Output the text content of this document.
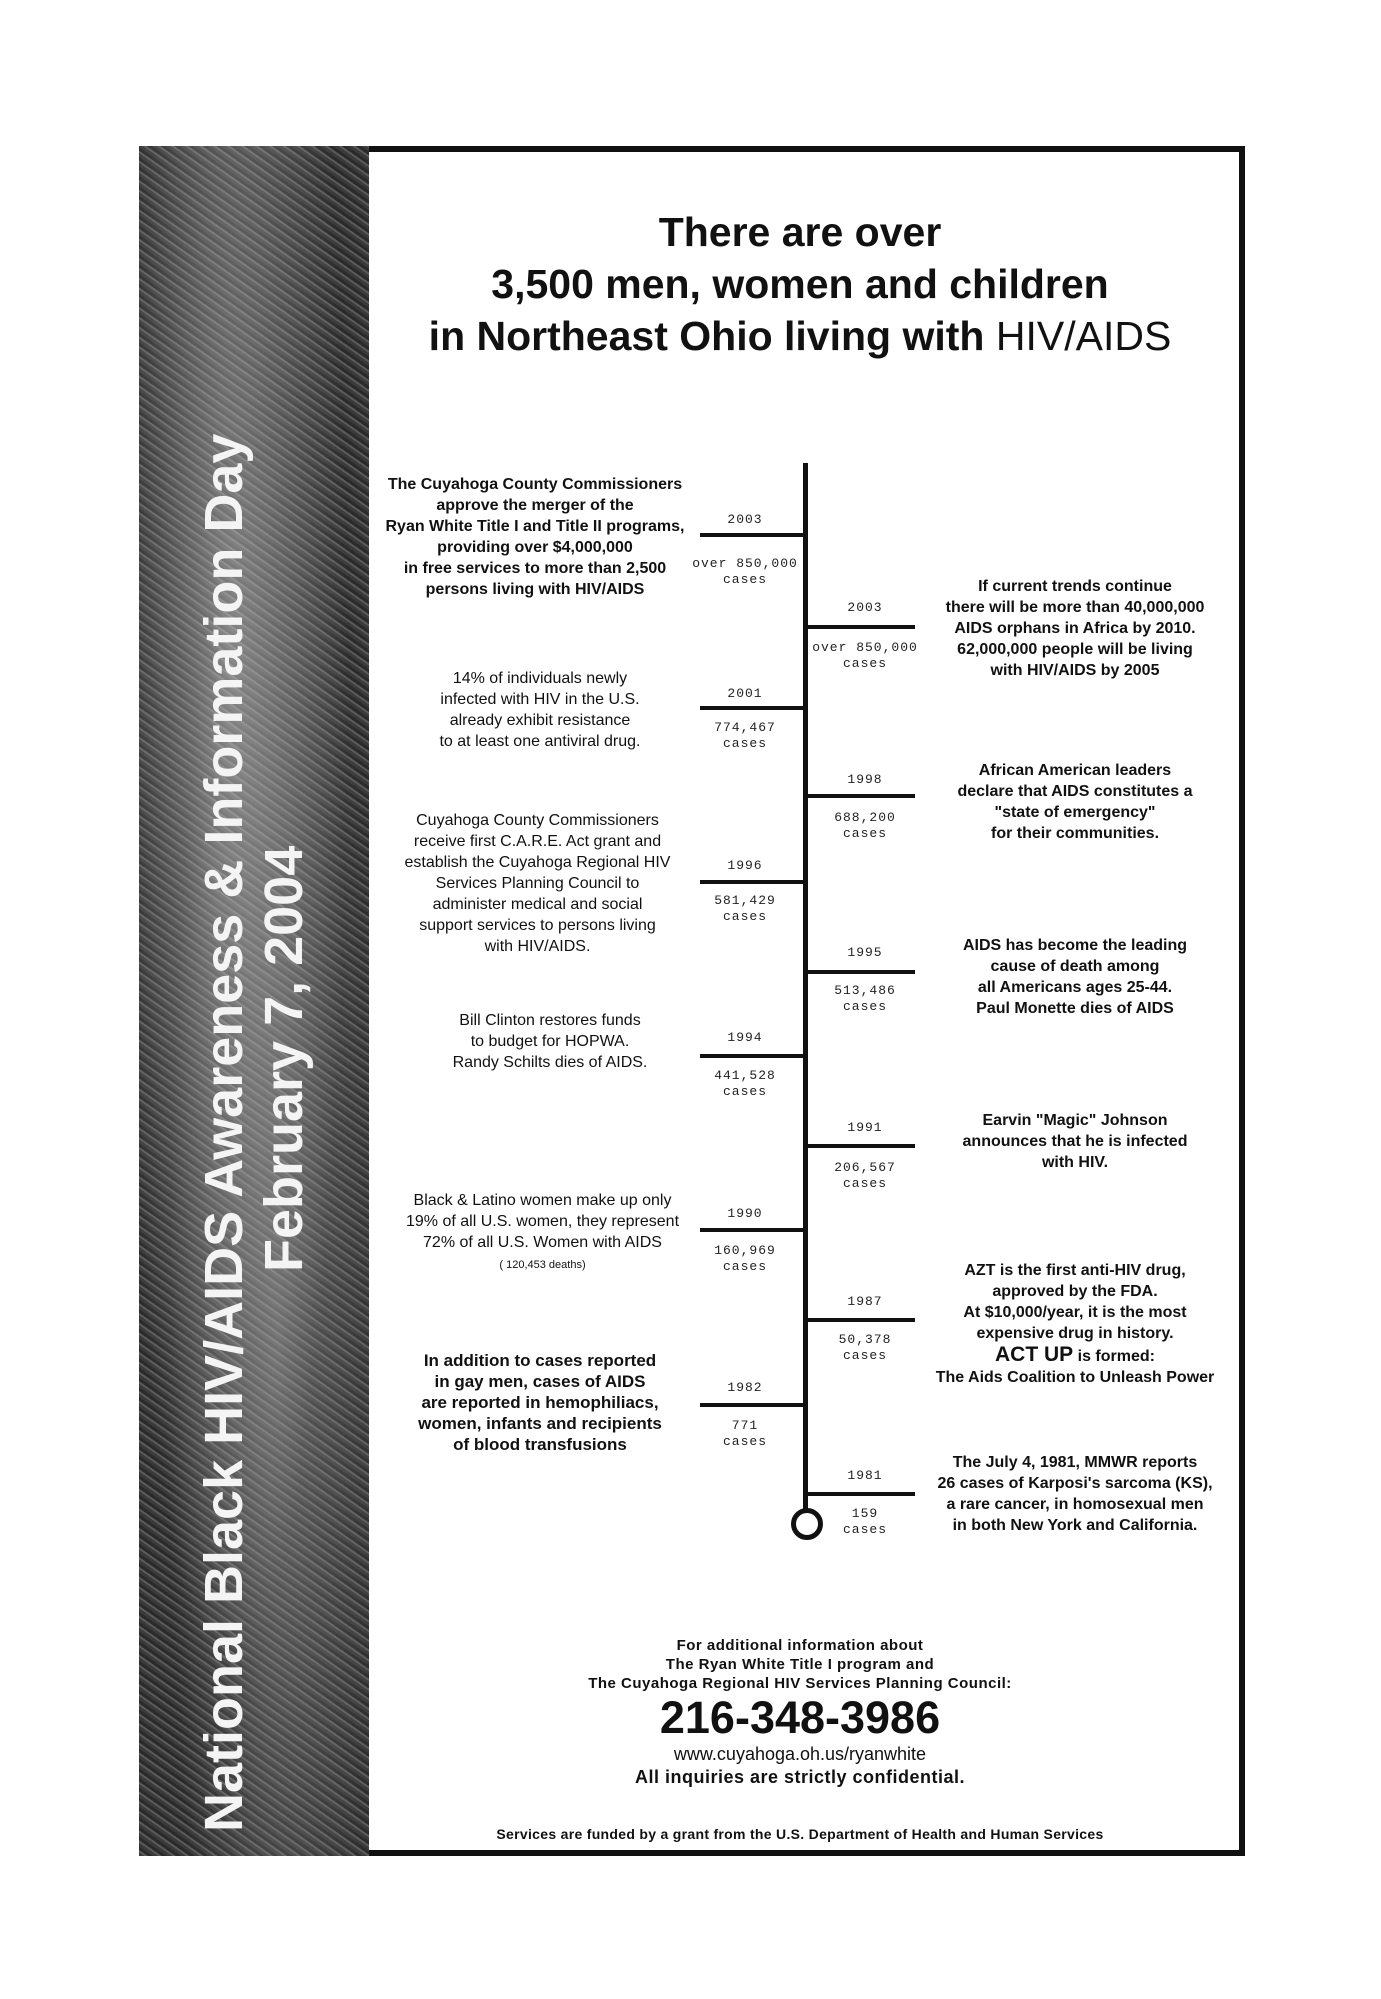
National Black HIV/AIDS Awareness & Information Day February 7, 2004
There are over
3,500 men, women and children
in Northeast Ohio living with HIV/AIDS
2003
over 850,000
cases
The Cuyahoga County Commissioners
approve the merger of the
Ryan White Title I and Title II programs,
providing over $4,000,000
in free services to more than 2,500
persons living with HIV/AIDS
2001
774,467
cases
14% of individuals newly
infected with HIV in the U.S.
already exhibit resistance
to at least one antiviral drug.
1996
581,429
cases
Cuyahoga County Commissioners
receive first C.A.R.E. Act grant and
establish the Cuyahoga Regional HIV
Services Planning Council to
administer medical and social
support services to persons living
with HIV/AIDS.
1994
441,528
cases
Bill Clinton restores funds
to budget for HOPWA.
Randy Schilts dies of AIDS.
1990
160,969
cases
Black & Latino women make up only
19% of all U.S. women, they represent
72% of all U.S. Women with AIDS
( 120,453 deaths)
1982
771
cases
In addition to cases reported
in gay men, cases of AIDS
are reported in hemophiliacs,
women, infants and recipients
of blood transfusions
2003
over 850,000
cases
If current trends continue
there will be more than 40,000,000
AIDS orphans in Africa by 2010.
62,000,000 people will be living
with HIV/AIDS by 2005
1998
688,200
cases
African American leaders
declare that AIDS constitutes a
"state of emergency"
for their communities.
1995
513,486
cases
AIDS has become the leading
cause of death among
all Americans ages 25-44.
Paul Monette dies of AIDS
1991
206,567
cases
Earvin "Magic" Johnson
announces that he is infected
with HIV.
1987
50,378
cases
AZT is the first anti-HIV drug,
approved by the FDA.
At $10,000/year, it is the most
expensive drug in history.
ACT UP is formed:
The Aids Coalition to Unleash Power
1981
159
cases
The July 4, 1981, MMWR reports
26 cases of Karposi's sarcoma (KS),
a rare cancer, in homosexual men
in both New York and California.
For additional information about
The Ryan White Title I program and
The Cuyahoga Regional HIV Services Planning Council:
216-348-3986
www.cuyahoga.oh.us/ryanwhite
All inquiries are strictly confidential.
Services are funded by a grant from the U.S. Department of Health and Human Services
